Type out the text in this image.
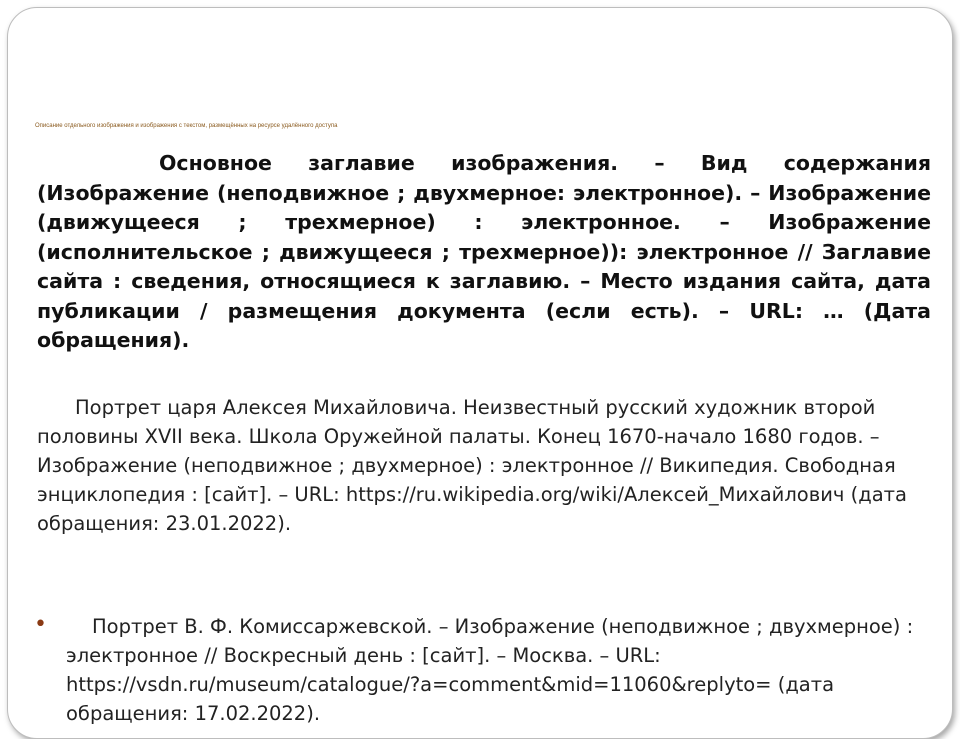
Описание отдельного изображения и изображения с текстом, размещённых на ресурсе удалённого доступа
Основное заглавие изображения. – Вид содержания (Изображение (неподвижное ; двухмерное: электронное). – Изображение (движущееся ; трехмерное) : электронное. – Изображение (исполнительское ; движущееся ; трехмерное)): электронное // Заглавие сайта : сведения, относящиеся к заглавию. – Место издания сайта, дата публикации / размещения документа (если есть). – URL: … (Дата обращения).
Портрет царя Алексея Михайловича. Неизвестный русский художник второй половины XVII века. Школа Оружейной палаты. Конец 1670-начало 1680 годов. – Изображение (неподвижное ; двухмерное) : электронное // Википедия. Свободная энциклопедия : [сайт]. – URL: https://ru.wikipedia.org/wiki/Алексей_Михайлович (дата обращения: 23.01.2022).
•	Портрет В. Ф. Комиссаржевской. – Изображение (неподвижное ; двухмерное) : электронное // Воскресный день : [сайт]. – Москва. – URL: https://vsdn.ru/museum/catalogue/?a=comment&mid=11060&replyto= (дата обращения: 17.02.2022).
